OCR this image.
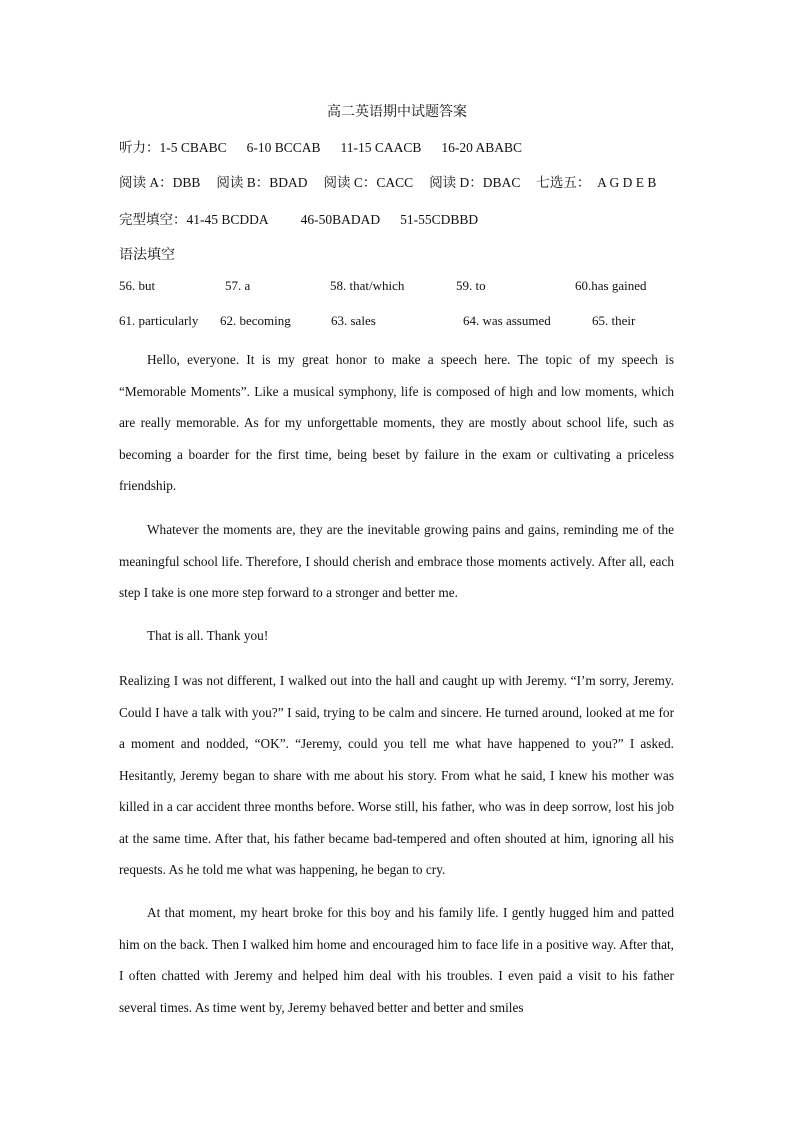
高二英语期中试题答案
听力：1-5 CBABC 6-10 BCCAB 11-15 CAACB 16-20 ABABC
阅读 A：DBB 阅读 B：BDAD 阅读 C：CACC 阅读 D：DBAC 七选五：  A G D E B
完型填空：41-45 BCDDA 46-50BADAD 51-55CDBBD
语法填空
56. but	57. a	58. that/which	59. to	60.has gained
61. particularly 62. becoming	63. sales	64. was assumed	65. their

Hello, everyone. It is my great honor to make a speech here. The topic of my speech is “Memorable Moments”. Like a musical symphony, life is composed of high and low moments, which are really memorable. As for my unforgettable moments, they are mostly about school life, such as becoming a boarder for the first time, being beset by failure in the exam or cultivating a priceless friendship.

Whatever the moments are, they are the inevitable growing pains and gains, reminding me of the meaningful school life. Therefore, I should cherish and embrace those moments actively. After all, each step I take is one more step forward to a stronger and better me.

That is all. Thank you!

Realizing I was not different, I walked out into the hall and caught up with Jeremy. “I’m sorry, Jeremy. Could I have a talk with you?” I said, trying to be calm and sincere. He turned around, looked at me for a moment and nodded, “OK”. “Jeremy, could you tell me what have happened to you?” I asked. Hesitantly, Jeremy began to share with me about his story. From what he said, I knew his mother was killed in a car accident three months before. Worse still, his father, who was in deep sorrow, lost his job at the same time. After that, his father became bad-tempered and often shouted at him, ignoring all his requests. As he told me what was happening, he began to cry.

At that moment, my heart broke for this boy and his family life. I gently hugged him and patted him on the back. Then I walked him home and encouraged him to face life in a positive way. After that, I often chatted with Jeremy and helped him deal with his troubles. I even paid a visit to his father several times. As time went by, Jeremy behaved better and better and smiles
